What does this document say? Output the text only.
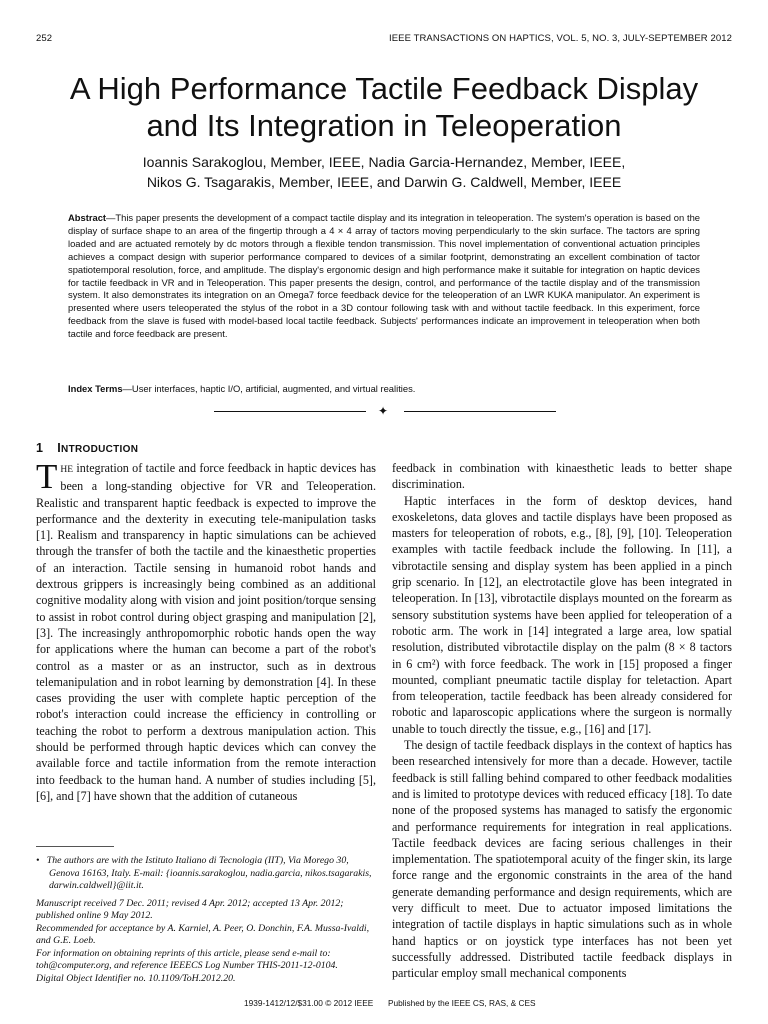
252	IEEE TRANSACTIONS ON HAPTICS, VOL. 5, NO. 3, JULY-SEPTEMBER 2012
A High Performance Tactile Feedback Display
and Its Integration in Teleoperation

Ioannis Sarakoglou, Member, IEEE, Nadia Garcia-Hernandez, Member, IEEE,

Nikos G. Tsagarakis, Member, IEEE, and Darwin G. Caldwell, Member, IEEE

Abstract—This paper presents the development of a compact tactile display and its integration in teleoperation. The system's operation is based on the display of surface shape to an area of the fingertip through a 4 × 4 array of tactors moving perpendicularly to the skin surface. The tactors are spring loaded and are actuated remotely by dc motors through a flexible tendon transmission. This novel implementation of conventional actuation principles achieves a compact design with superior performance compared to devices of a similar footprint, demonstrating an excellent combination of tactor spatiotemporal resolution, force, and amplitude. The display's ergonomic design and high performance make it suitable for integration on haptic devices for tactile feedback in VR and in Teleoperation. This paper presents the design, control, and performance of the tactile display and of the transmission system. It also demonstrates its integration on an Omega7 force feedback device for the teleoperation of an LWR KUKA manipulator. An experiment is presented where users teleoperated the stylus of the robot in a 3D contour following task with and without tactile feedback. In this experiment, force feedback from the slave is fused with model-based local tactile feedback. Subjects' performances indicate an improvement in teleoperation when both tactile and force feedback are present.

Index Terms—User interfaces, haptic I/O, artificial, augmented, and virtual realities.

✦
1 INTRODUCTION

THE integration of tactile and force feedback in haptic devices has been a long-standing objective for VR and Teleoperation. Realistic and transparent haptic feedback is expected to improve the performance and the dexterity in executing tele-manipulation tasks [1]. Realism and transparency in haptic simulations can be achieved through the transfer of both the tactile and the kinaesthetic properties of an interaction. Tactile sensing in humanoid robot hands and dextrous grippers is increasingly being combined as an additional cognitive modality along with vision and joint position/torque sensing to assist in robot control during object grasping and manipulation [2], [3]. The increasingly anthropomorphic robotic hands open the way for applications where the human can become a part of the robot's control as a master or as an instructor, such as in dextrous telemanipulation and in robot learning by demonstration [4]. In these cases providing the user with complete haptic perception of the robot's interaction could increase the efficiency in controlling or teaching the robot to perform a dextrous manipulation action. This should be performed through haptic devices which can convey the available force and tactile information from the remote interaction into feedback to the human hand. A number of studies including [5], [6], and [7] have shown that the addition of cutaneous

feedback in combination with kinaesthetic leads to better shape discrimination.

Haptic interfaces in the form of desktop devices, hand exoskeletons, data gloves and tactile displays have been proposed as masters for teleoperation of robots, e.g., [8], [9], [10]. Teleoperation examples with tactile feedback include the following. In [11], a vibrotactile sensing and display system has been applied in a pinch grip scenario. In [12], an electrotactile glove has been integrated in teleoperation. In [13], vibrotactile displays mounted on the forearm as sensory substitution systems have been applied for teleoperation of a robotic arm. The work in [14] integrated a large area, low spatial resolution, distributed vibrotactile display on the palm (8 × 8 tactors in 6 cm²) with force feedback. The work in [15] proposed a finger mounted, compliant pneumatic tactile display for teletaction. Apart from teleoperation, tactile feedback has been already considered for robotic and laparoscopic applications where the surgeon is normally unable to touch directly the tissue, e.g., [16] and [17].

The design of tactile feedback displays in the context of haptics has been researched intensively for more than a decade. However, tactile feedback is still falling behind compared to other feedback modalities and is limited to prototype devices with reduced efficacy [18]. To date none of the proposed systems has managed to satisfy the ergonomic and performance requirements for integration in real applications. Tactile feedback devices are facing serious challenges in their implementation. The spatiotemporal acuity of the finger skin, its large force range and the ergonomic constraints in the area of the hand generate demanding performance and design requirements, which are very difficult to meet. Due to actuator imposed limitations the integration of tactile displays in haptic simulations such as in whole hand haptics or on joystick type interfaces has not been yet successfully addressed. Distributed tactile feedback displays in particular employ small mechanical components

• The authors are with the Istituto Italiano di Tecnologia (IIT), Via Morego 30, Genova 16163, Italy. E-mail: {ioannis.sarakoglou, nadia.garcia, nikos.tsagarakis, darwin.caldwell}@iit.it.

Manuscript received 7 Dec. 2011; revised 4 Apr. 2012; accepted 13 Apr. 2012; published online 9 May 2012.

Recommended for acceptance by A. Karniel, A. Peer, O. Donchin, F.A. Mussa-Ivaldi, and G.E. Loeb.

For information on obtaining reprints of this article, please send e-mail to: toh@computer.org, and reference IEEECS Log Number THIS-2011-12-0104.

Digital Object Identifier no. 10.1109/ToH.2012.20.

1939-1412/12/$31.00 © 2012 IEEE Published by the IEEE CS, RAS, & CES
